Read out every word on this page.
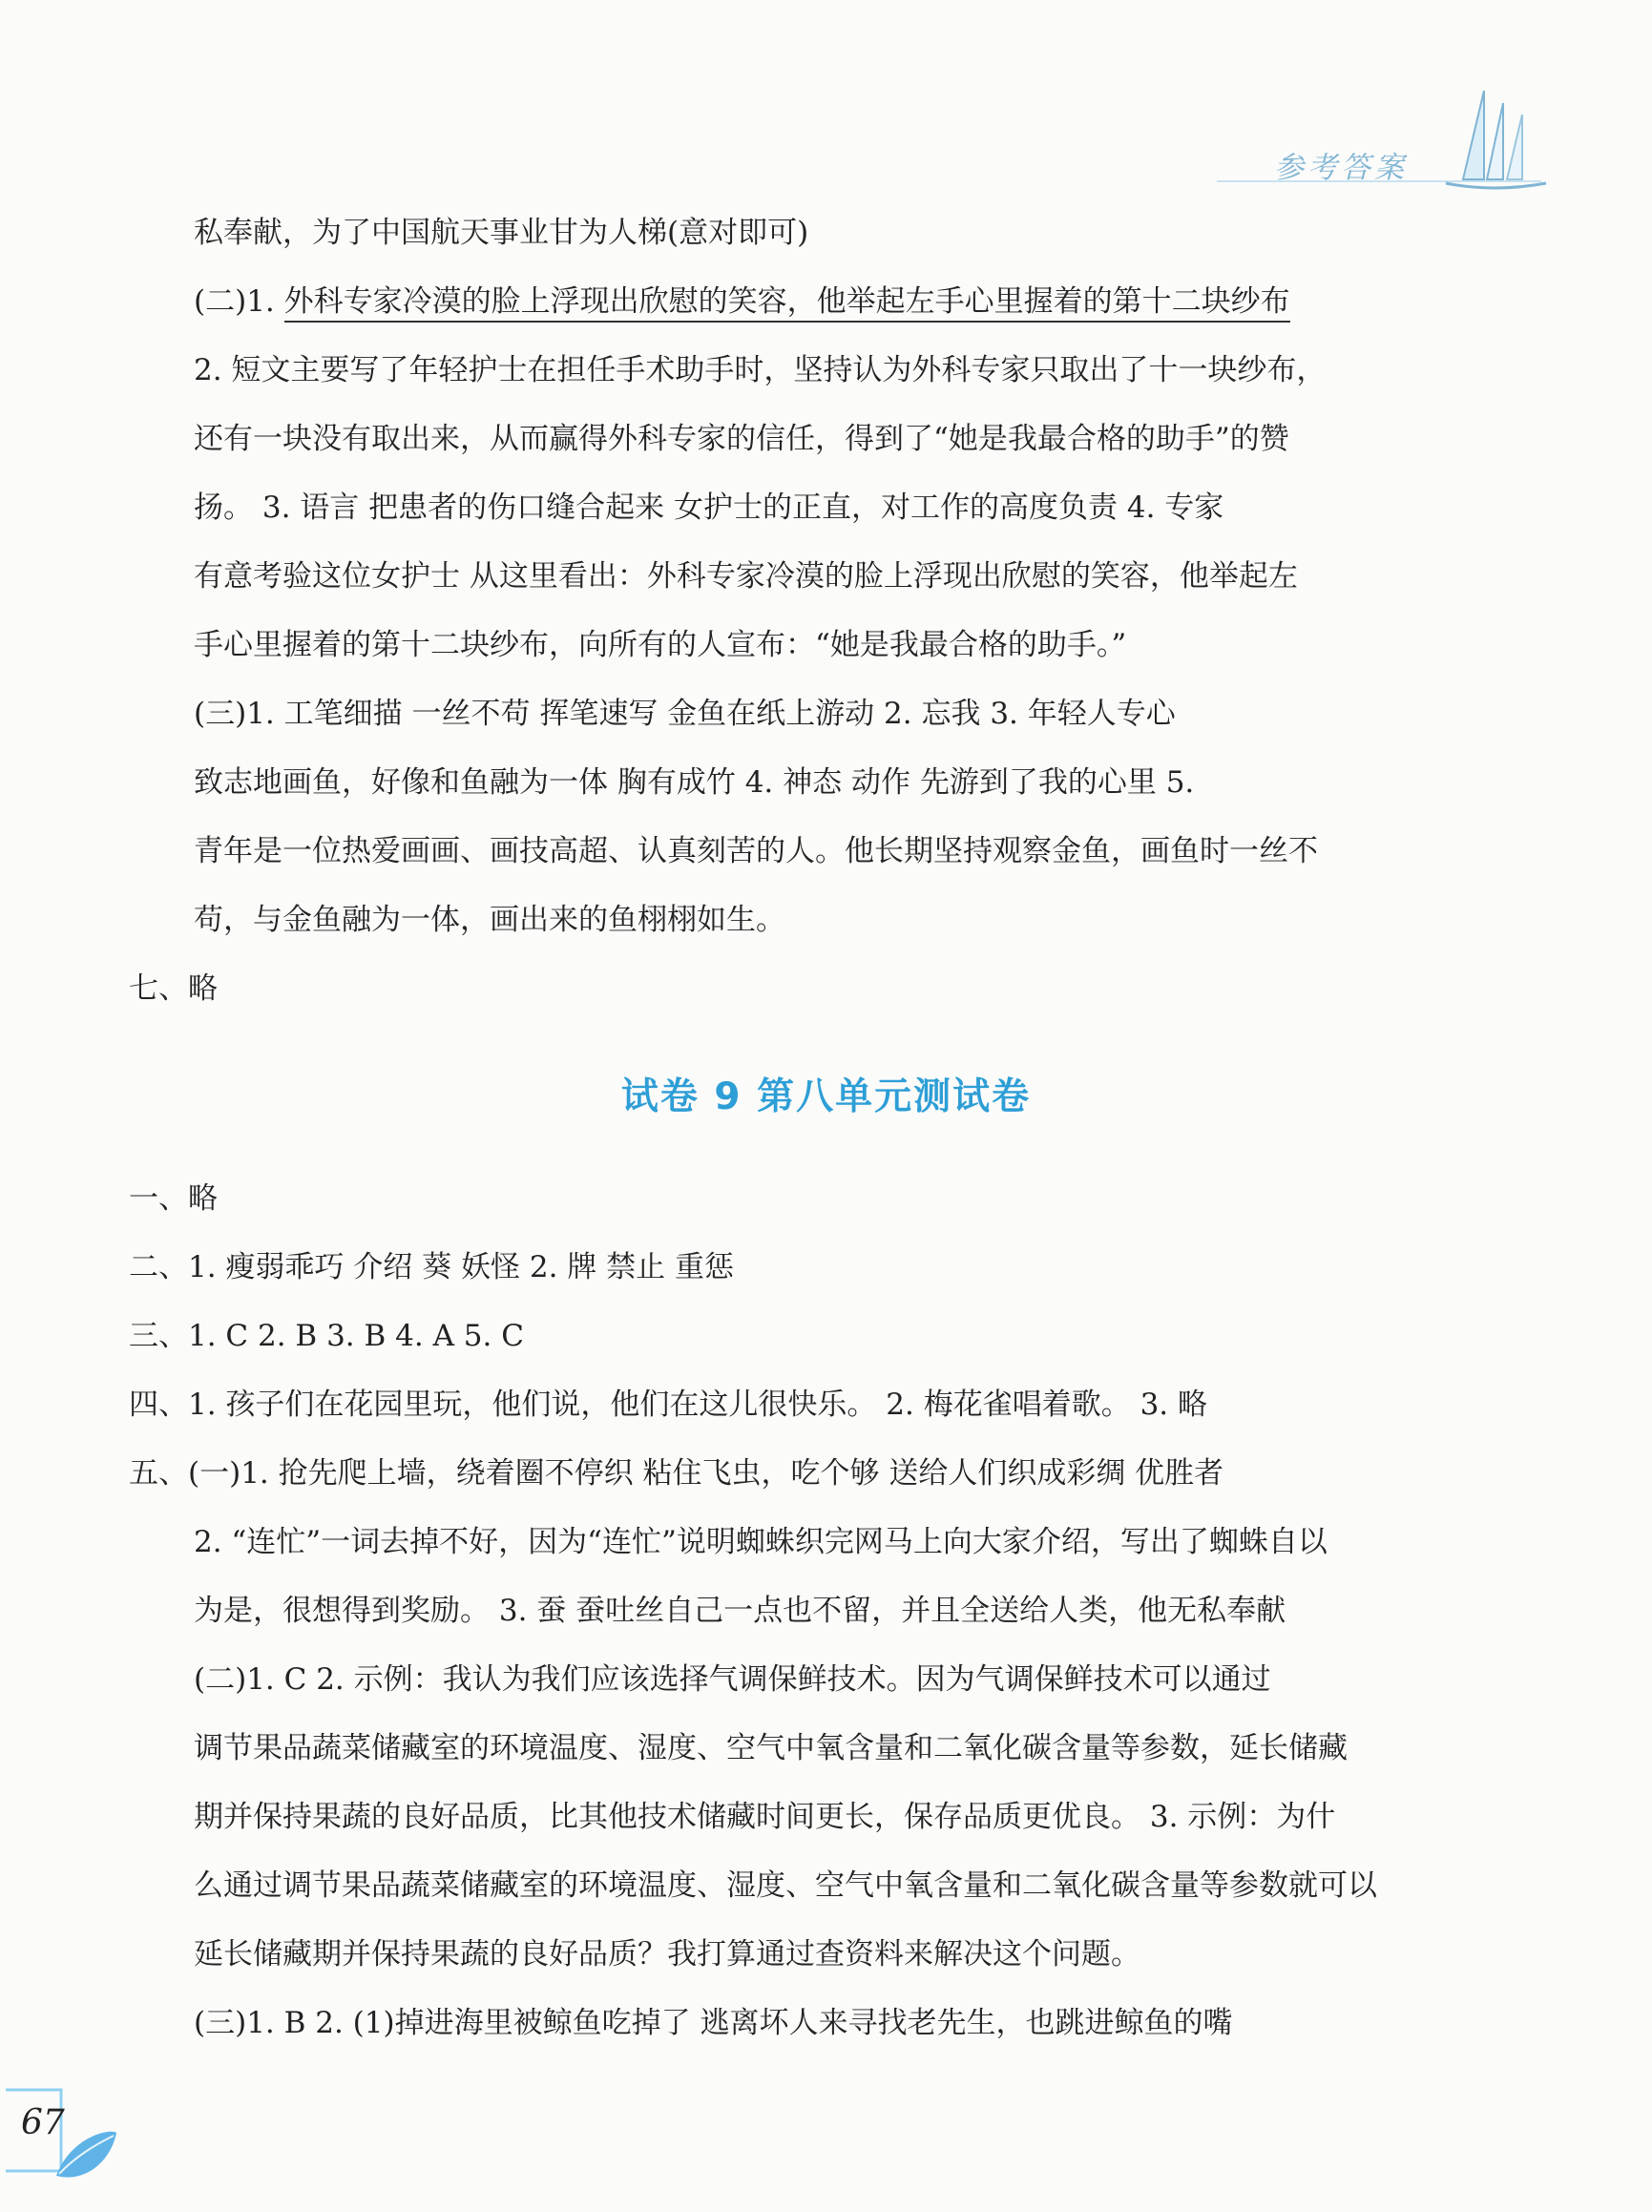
参考答案
私奉献，为了中国航天事业甘为人梯(意对即可)
(二)1. 外科专家冷漠的脸上浮现出欣慰的笑容，他举起左手心里握着的第十二块纱布
2. 短文主要写了年轻护士在担任手术助手时，坚持认为外科专家只取出了十一块纱布，
还有一块没有取出来，从而赢得外科专家的信任，得到了“她是我最合格的助手”的赞
扬。 3. 语言 把患者的伤口缝合起来 女护士的正直，对工作的高度负责 4. 专家
有意考验这位女护士 从这里看出：外科专家冷漠的脸上浮现出欣慰的笑容，他举起左
手心里握着的第十二块纱布，向所有的人宣布：“她是我最合格的助手。”
(三)1. 工笔细描 一丝不苟 挥笔速写 金鱼在纸上游动 2. 忘我 3. 年轻人专心
致志地画鱼，好像和鱼融为一体 胸有成竹 4. 神态 动作 先游到了我的心里 5.
青年是一位热爱画画、画技高超、认真刻苦的人。他长期坚持观察金鱼，画鱼时一丝不
苟，与金鱼融为一体，画出来的鱼栩栩如生。
七、略
试卷 9 第八单元测试卷
一、略
二、1. 瘦弱乖巧 介绍 葵 妖怪 2. 牌 禁止 重惩
三、1. C 2. B 3. B 4. A 5. C
四、1. 孩子们在花园里玩，他们说，他们在这儿很快乐。 2. 梅花雀唱着歌。 3. 略
五、(一)1. 抢先爬上墙，绕着圈不停织 粘住飞虫，吃个够 送给人们织成彩绸 优胜者
2. “连忙”一词去掉不好，因为“连忙”说明蜘蛛织完网马上向大家介绍，写出了蜘蛛自以
为是，很想得到奖励。 3. 蚕 蚕吐丝自己一点也不留，并且全送给人类，他无私奉献
(二)1. C 2. 示例：我认为我们应该选择气调保鲜技术。因为气调保鲜技术可以通过
调节果品蔬菜储藏室的环境温度、湿度、空气中氧含量和二氧化碳含量等参数，延长储藏
期并保持果蔬的良好品质，比其他技术储藏时间更长，保存品质更优良。 3. 示例：为什
么通过调节果品蔬菜储藏室的环境温度、湿度、空气中氧含量和二氧化碳含量等参数就可以
延长储藏期并保持果蔬的良好品质？我打算通过查资料来解决这个问题。
(三)1. B 2. (1)掉进海里被鲸鱼吃掉了 逃离坏人来寻找老先生，也跳进鲸鱼的嘴
67
